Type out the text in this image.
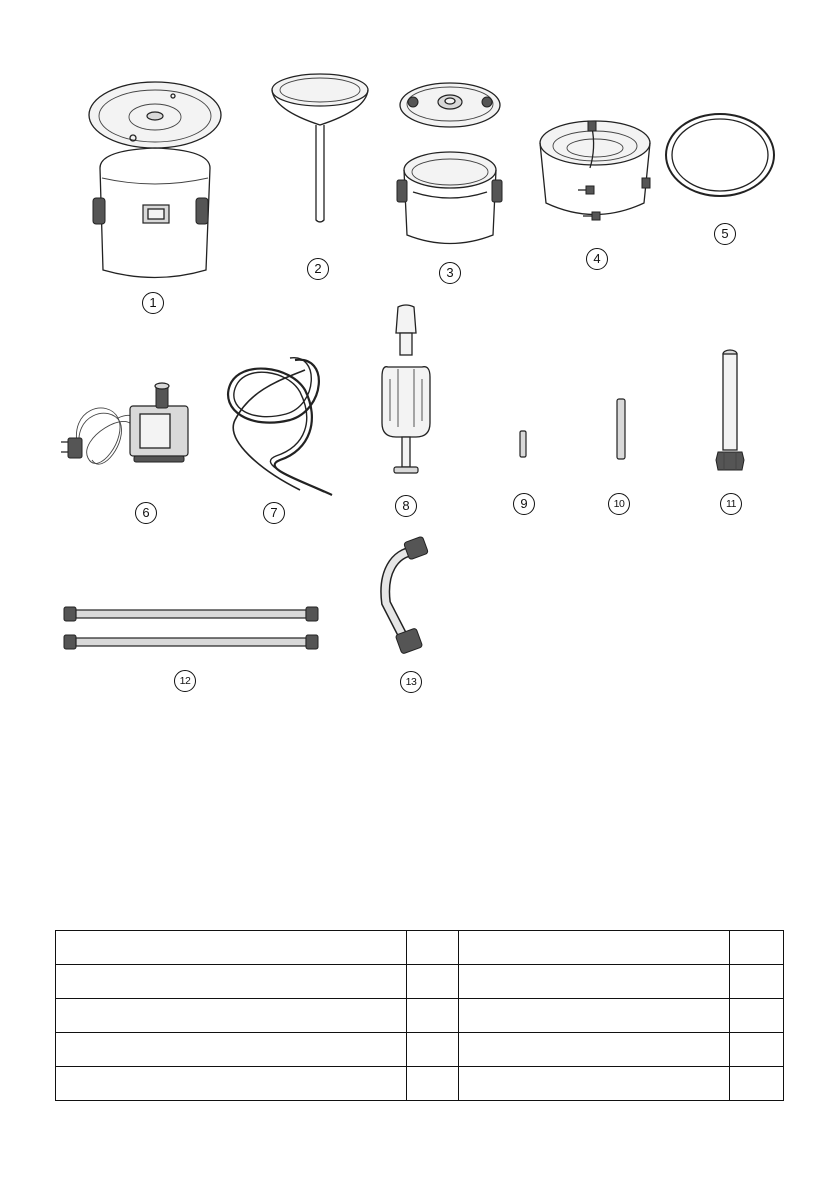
1
2	3
4
5
6	7	8	9	10	11
12	13
